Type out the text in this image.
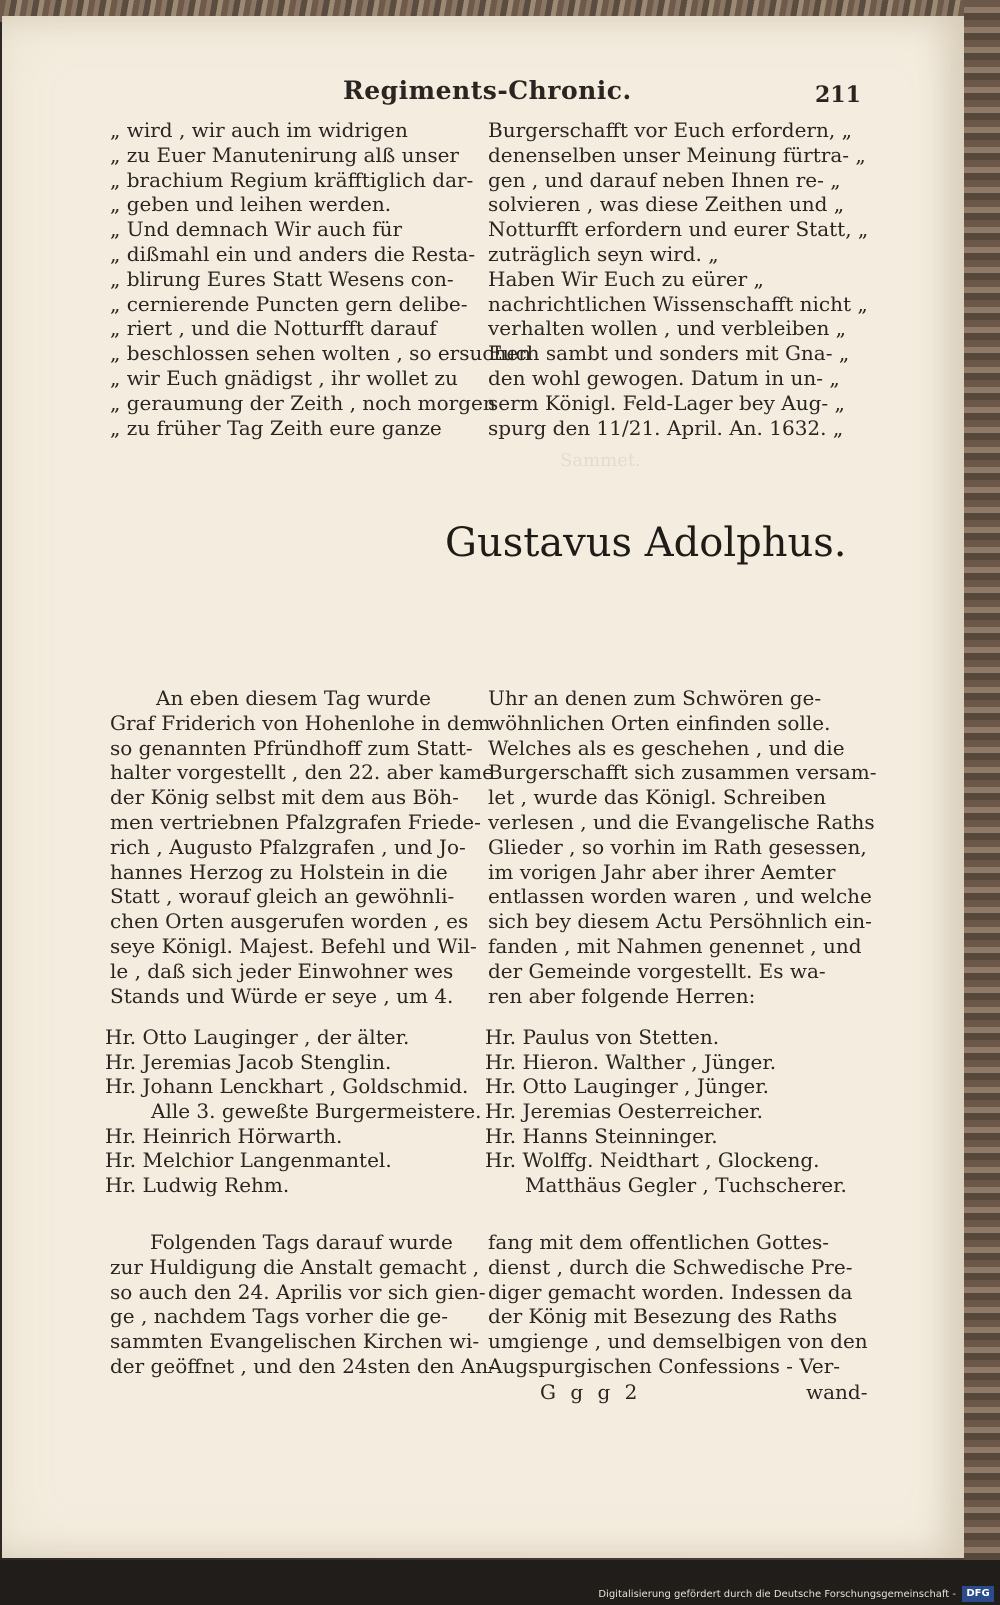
Sammet.
Regiments-Chronic.	211
„ wird , wir auch im widrigen
„ zu Euer Manutenirung alß unser
„ brachium Regium kräfftiglich dar-
„ geben und leihen werden.
„ Und demnach Wir auch für
„ dißmahl ein und anders die Resta-
„ blirung Eures Statt Wesens con-
„ cernierende Puncten gern delibe-
„ riert , und die Notturfft darauf
„ beschlossen sehen wolten , so ersuchen
„ wir Euch gnädigst , ihr wollet zu
„ geraumung der Zeith , noch morgen
„ zu früher Tag Zeith eure ganze
Burgerschafft vor Euch erfordern, „
denenselben unser Meinung fürtra- „
gen , und darauf neben Ihnen re- „
solvieren , was diese Zeithen und „
Notturfft erfordern und eurer Statt, „
zuträglich seyn wird. „
Haben Wir Euch zu eürer „
nachrichtlichen Wissenschafft nicht „
verhalten wollen , und verbleiben „
Euch sambt und sonders mit Gna- „
den wohl gewogen. Datum in un- „
serm Königl. Feld-Lager bey Aug- „
spurg den 11/21. April. An. 1632. „
Gustavus Adolphus.
An eben diesem Tag wurde
Graf Friderich von Hohenlohe in dem
so genannten Pfründhoff zum Statt-
halter vorgestellt , den 22. aber kame
der König selbst mit dem aus Böh-
men vertriebnen Pfalzgrafen Friede-
rich , Augusto Pfalzgrafen , und Jo-
hannes Herzog zu Holstein in die
Statt , worauf gleich an gewöhnli-
chen Orten ausgerufen worden , es
seye Königl. Majest. Befehl und Wil-
le , daß sich jeder Einwohner wes
Stands und Würde er seye , um 4.
Uhr an denen zum Schwören ge-
wöhnlichen Orten einfinden solle.
Welches als es geschehen , und die
Burgerschafft sich zusammen versam-
let , wurde das Königl. Schreiben
verlesen , und die Evangelische Raths
Glieder , so vorhin im Rath gesessen,
im vorigen Jahr aber ihrer Aemter
entlassen worden waren , und welche
sich bey diesem Actu Persöhnlich ein-
fanden , mit Nahmen genennet , und
der Gemeinde vorgestellt. Es wa-
ren aber folgende Herren:
Hr. Otto Lauginger , der älter.
Hr. Jeremias Jacob Stenglin.
Hr. Johann Lenckhart , Goldschmid.
Alle 3. geweßte Burgermeistere.
Hr. Heinrich Hörwarth.
Hr. Melchior Langenmantel.
Hr. Ludwig Rehm.
Hr. Paulus von Stetten.
Hr. Hieron. Walther , Jünger.
Hr. Otto Lauginger , Jünger.
Hr. Jeremias Oesterreicher.
Hr. Hanns Steinninger.
Hr. Wolffg. Neidthart , Glockeng.
Matthäus Gegler , Tuchscherer.
Folgenden Tags darauf wurde
zur Huldigung die Anstalt gemacht ,
so auch den 24. Aprilis vor sich gien-
ge , nachdem Tags vorher die ge-
sammten Evangelischen Kirchen wi-
der geöffnet , und den 24sten den An-
fang mit dem offentlichen Gottes-
dienst , durch die Schwedische Pre-
diger gemacht worden. Indessen da
der König mit Besezung des Raths
umgienge , und demselbigen von den
Augspurgischen Confessions - Ver-
G g g 2	wand-
Digitalisierung gefördert durch die Deutsche Forschungsgemeinschaft -	DFG
